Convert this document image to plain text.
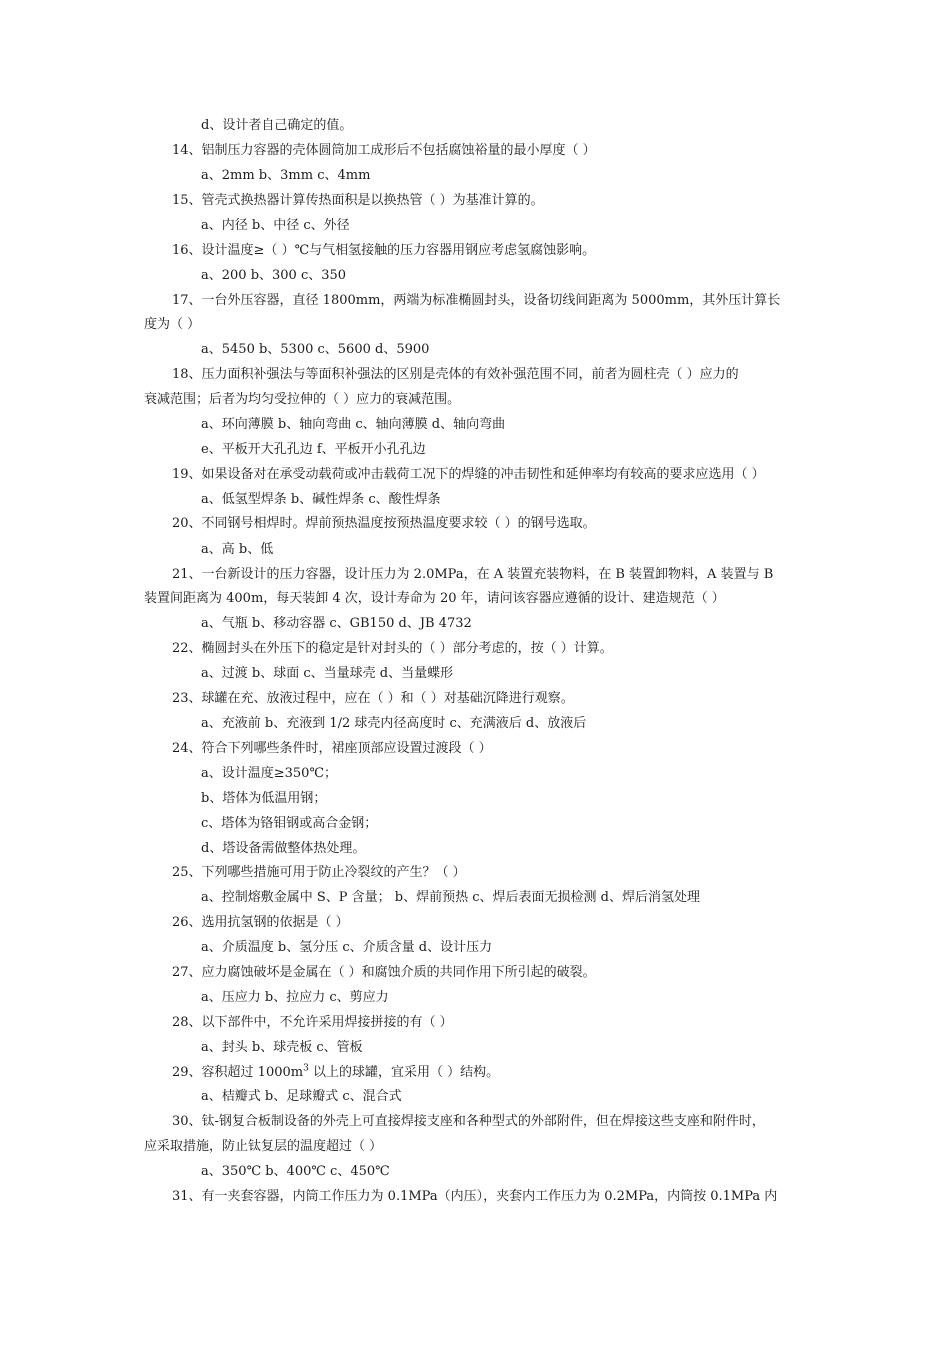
d、设计者自己确定的值。
14、铝制压力容器的壳体圆筒加工成形后不包括腐蚀裕量的最小厚度（ ）
a、2mm b、3mm c、4mm
15、管壳式换热器计算传热面积是以换热管（ ）为基准计算的。
a、内径 b、中径 c、外径
16、设计温度≥（ ）℃与气相氢接触的压力容器用钢应考虑氢腐蚀影响。
a、200 b、300 c、350
17、一台外压容器，直径 1800mm，两端为标准椭圆封头，设备切线间距离为 5000mm，其外压计算长
度为（ ）
a、5450 b、5300 c、5600 d、5900
18、压力面积补强法与等面积补强法的区别是壳体的有效补强范围不同，前者为圆柱壳（ ）应力的
衰减范围；后者为均匀受拉伸的（ ）应力的衰减范围。
a、环向薄膜 b、轴向弯曲 c、轴向薄膜 d、轴向弯曲
e、平板开大孔孔边 f、平板开小孔孔边
19、如果设备对在承受动载荷或冲击载荷工况下的焊缝的冲击韧性和延伸率均有较高的要求应选用（ ）
a、低氢型焊条 b、碱性焊条 c、酸性焊条
20、不同钢号相焊时。焊前预热温度按预热温度要求较（ ）的钢号选取。
a、高 b、低
21、一台新设计的压力容器，设计压力为 2.0MPa，在 A 装置充装物料，在 B 装置卸物料，A 装置与 B
装置间距离为 400m，每天装卸 4 次，设计寿命为 20 年，请问该容器应遵循的设计、建造规范（ ）
a、气瓶 b、移动容器 c、GB150 d、JB 4732
22、椭圆封头在外压下的稳定是针对封头的（ ）部分考虑的，按（ ）计算。
a、过渡 b、球面 c、当量球壳 d、当量蝶形
23、球罐在充、放液过程中，应在（ ）和（ ）对基础沉降进行观察。
a、充液前 b、充液到 1/2 球壳内径高度时 c、充满液后 d、放液后
24、符合下列哪些条件时，裙座顶部应设置过渡段（ ）
a、设计温度≥350℃；
b、塔体为低温用钢；
c、塔体为铬钼钢或高合金钢；
d、塔设备需做整体热处理。
25、下列哪些措施可用于防止冷裂纹的产生？（ ）
a、控制熔敷金属中 S、P 含量； b、焊前预热 c、焊后表面无损检测 d、焊后消氢处理
26、选用抗氢钢的依据是（ ）
a、介质温度 b、氢分压 c、介质含量 d、设计压力
27、应力腐蚀破坏是金属在（ ）和腐蚀介质的共同作用下所引起的破裂。
a、压应力 b、拉应力 c、剪应力
28、以下部件中，不允许采用焊接拼接的有（ ）
a、封头 b、球壳板 c、管板
29、容积超过 $1000m^3$ 以上的球罐，宜采用（ ）结构。
a、桔瓣式 b、足球瓣式 c、混合式
30、钛-钢复合板制设备的外壳上可直接焊接支座和各种型式的外部附件，但在焊接这些支座和附件时，
应采取措施，防止钛复层的温度超过（ ）
a、350℃ b、400℃ c、450℃
31、有一夹套容器，内筒工作压力为 0.1MPa（内压），夹套内工作压力为 0.2MPa，内筒按 0.1MPa 内
